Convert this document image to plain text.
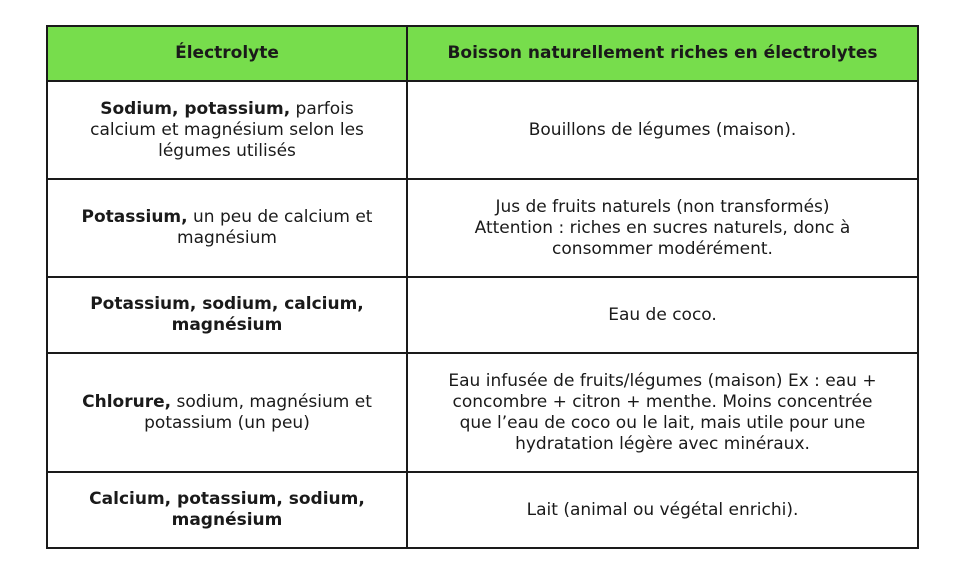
Électrolyte	Boisson naturellement riches en électrolytes
Sodium, potassium, parfois calcium et magnésium selon les légumes utilisés	Bouillons de légumes (maison).
Potassium, un peu de calcium et magnésium	Jus de fruits naturels (non transformés)
Attention : riches en sucres naturels, donc à consommer modérément.

Potassium, sodium, calcium, magnésium	Eau de coco.
Chlorure, sodium, magnésium et potassium (un peu)	Eau infusée de fruits/légumes (maison) Ex : eau + concombre + citron + menthe. Moins concentrée que l’eau de coco ou le lait, mais utile pour une hydratation légère avec minéraux.
Calcium, potassium, sodium, magnésium	Lait (animal ou végétal enrichi).
